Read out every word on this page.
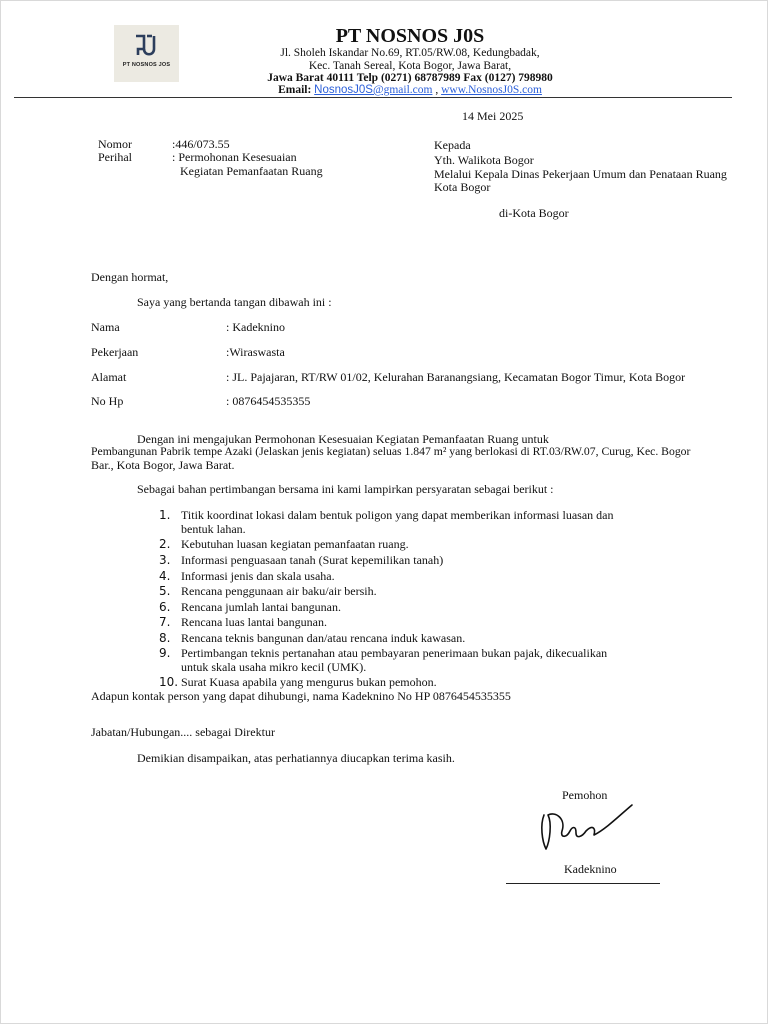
PT NOSNOS JOS
PT NOSNOS J0S
Jl. Sholeh Iskandar No.69, RT.05/RW.08, Kedungbadak,
Kec. Tanah Sereal, Kota Bogor, Jawa Barat,
Jawa Barat 40111 Telp (0271) 68787989 Fax (0127) 798980
Email: NosnosJ0S@gmail.com , www.NosnosJ0S.com
14 Mei 2025
Nomor	:446/073.55
Perihal	: Permohonan Kesesuaian
Kegiatan Pemanfaatan Ruang
Kepada
Yth. Walikota Bogor
Melalui Kepala Dinas Pekerjaan Umum dan Penataan Ruang
Kota Bogor
di-Kota Bogor
Dengan hormat,
Saya yang bertanda tangan dibawah ini :
Nama	: Kadeknino
Pekerjaan	:Wiraswasta
Alamat	: JL. Pajajaran, RT/RW 01/02, Kelurahan Baranangsiang, Kecamatan Bogor Timur, Kota Bogor
No Hp	: 0876454535355
Dengan ini mengajukan Permohonan Kesesuaian Kegiatan Pemanfaatan Ruang untuk
Pembangunan Pabrik tempe Azaki (Jelaskan jenis kegiatan) seluas 1.847 m² yang berlokasi di RT.03/RW.07, Curug, Kec. Bogor
Bar., Kota Bogor, Jawa Barat.
Sebagai bahan pertimbangan bersama ini kami lampirkan persyaratan sebagai berikut :
1. Titik koordinat lokasi dalam bentuk poligon yang dapat memberikan informasi luasan dan
bentuk lahan.
2. Kebutuhan luasan kegiatan pemanfaatan ruang.
3. Informasi penguasaan tanah (Surat kepemilikan tanah)
4. Informasi jenis dan skala usaha.
5. Rencana penggunaan air baku/air bersih.
6. Rencana jumlah lantai bangunan.
7. Rencana luas lantai bangunan.
8. Rencana teknis bangunan dan/atau rencana induk kawasan.
9. Pertimbangan teknis pertanahan atau pembayaran penerimaan bukan pajak, dikecualikan
untuk skala usaha mikro kecil (UMK).
10. Surat Kuasa apabila yang mengurus bukan pemohon.
Adapun kontak person yang dapat dihubungi, nama Kadeknino No HP 0876454535355
Jabatan/Hubungan.... sebagai Direktur
Demikian disampaikan, atas perhatiannya diucapkan terima kasih.
Pemohon
Kadeknino
